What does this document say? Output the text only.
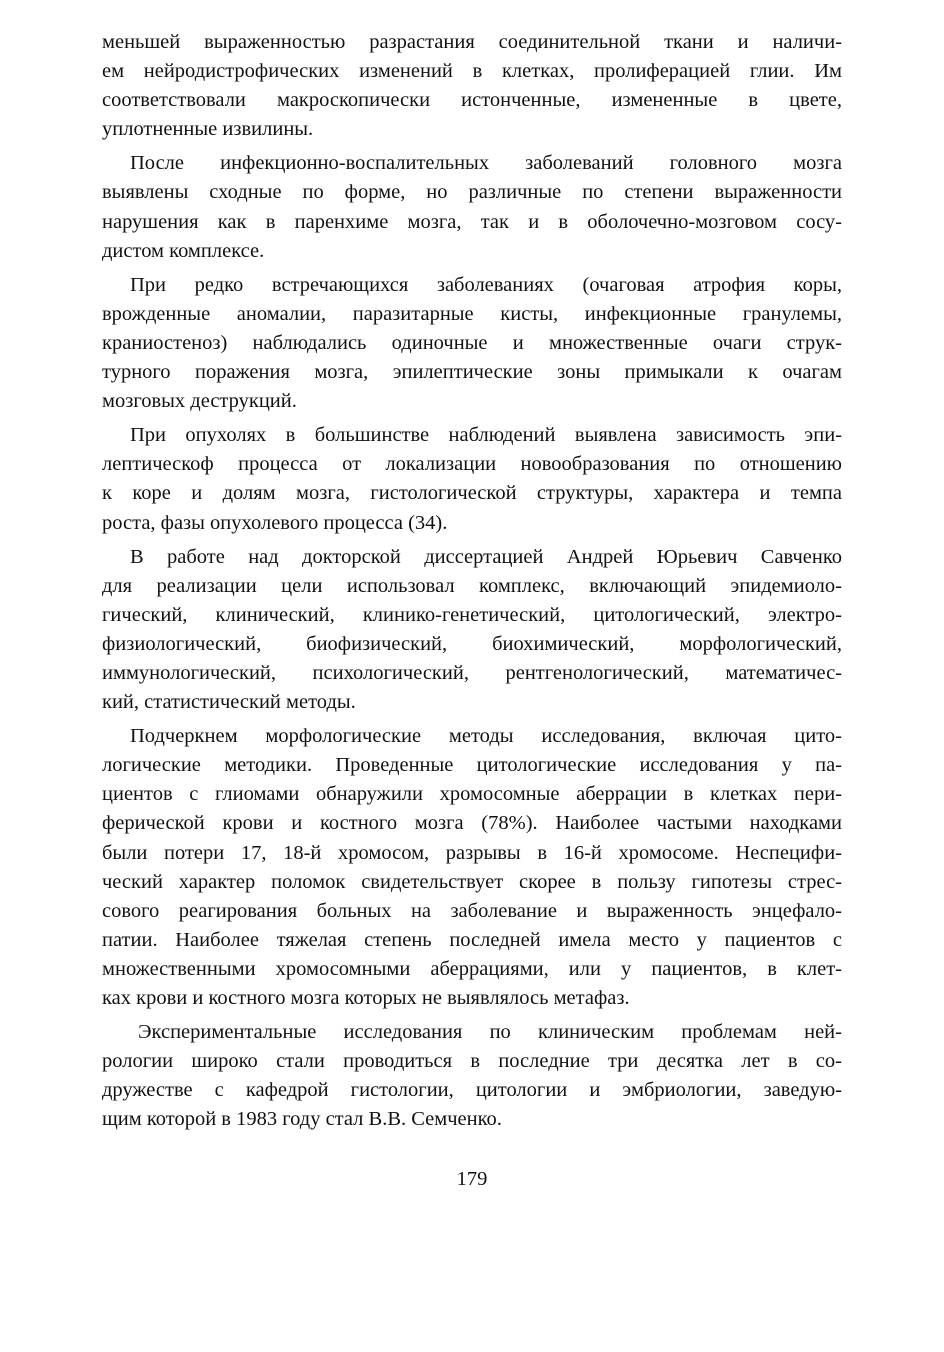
меньшей выраженностью разрастания соединительной ткани и наличи-
ем нейродистрофических изменений в клетках, пролиферацией глии. Им
соответствовали макроскопически истонченные, измененные в цвете,
уплотненные извилины.

После инфекционно-воспалительных заболеваний головного мозга
выявлены сходные по форме, но различные по степени выраженности
нарушения как в паренхиме мозга, так и в оболочечно-мозговом сосу-
дистом комплексе.

При редко встречающихся заболеваниях (очаговая атрофия коры,
врожденные аномалии, паразитарные кисты, инфекционные гранулемы,
краниостеноз) наблюдались одиночные и множественные очаги струк-
турного поражения мозга, эпилептические зоны примыкали к очагам
мозговых деструкций.

При опухолях в большинстве наблюдений выявлена зависимость эпи-
лептическоф процесса от локализации новообразования по отношению
к коре и долям мозга, гистологической структуры, характера и темпа
роста, фазы опухолевого процесса (34).

В работе над докторской диссертацией Андрей Юрьевич Савченко
для реализации цели использовал комплекс, включающий эпидемиоло-
гический, клинический, клинико-генетический, цитологический, электро-
физиологический, биофизический, биохимический, морфологический,
иммунологический, психологический, рентгенологический, математичес-
кий, статистический методы.

Подчеркнем морфологические методы исследования, включая цито-
логические методики. Проведенные цитологические исследования у па-
циентов с глиомами обнаружили хромосомные аберрации в клетках пери-
ферической крови и костного мозга (78%). Наиболее частыми находками
были потери 17, 18-й хромосом, разрывы в 16-й хромосоме. Неспецифи-
ческий характер поломок свидетельствует скорее в пользу гипотезы стрес-
сового реагирования больных на заболевание и выраженность энцефало-
патии. Наиболее тяжелая степень последней имела место у пациентов с
множественными хромосомными аберрациями, или у пациентов, в клет-
ках крови и костного мозга которых не выявлялось метафаз.

Экспериментальные исследования по клиническим проблемам ней-
рологии широко стали проводиться в последние три десятка лет в со-
дружестве с кафедрой гистологии, цитологии и эмбриологии, заведую-
щим которой в 1983 году стал В.В. Семченко.

179
